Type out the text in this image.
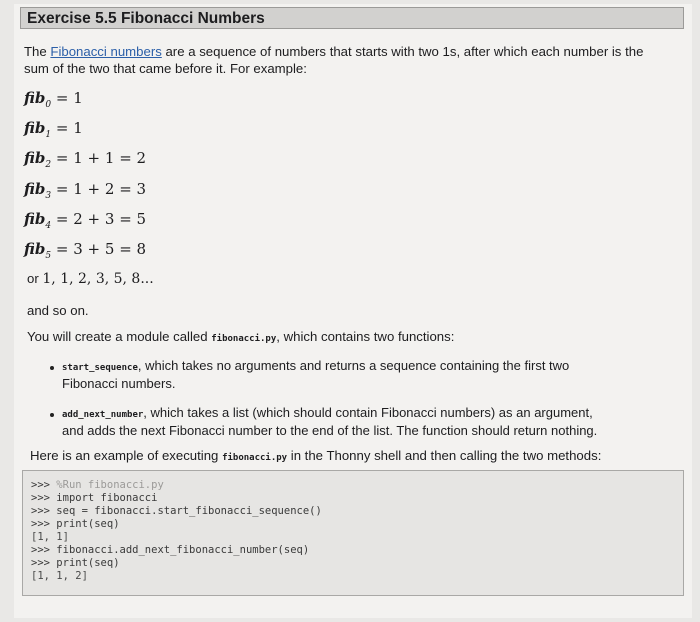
Exercise 5.5 Fibonacci Numbers
The Fibonacci numbers are a sequence of numbers that starts with two 1s, after which each number is the sum of the two that came before it. For example:
fib$_0$ = 1
fib$_1$ = 1
fib$_2$ = 1 + 1 = 2
fib$_3$ = 1 + 2 = 3
fib$_4$ = 2 + 3 = 5
fib$_5$ = 3 + 5 = 8
or 1, 1, 2, 3, 5, 8...
and so on.
You will create a module called fibonacci.py, which contains two functions:
start_sequence, which takes no arguments and returns a sequence containing the first two
Fibonacci numbers.
add_next_number, which takes a list (which should contain Fibonacci numbers) as an argument,
and adds the next Fibonacci number to the end of the list. The function should return nothing.
Here is an example of executing fibonacci.py in the Thonny shell and then calling the two methods:
>>> %Run fibonacci.py
>>> import fibonacci
>>> seq = fibonacci.start_fibonacci_sequence()
>>> print(seq)
[1, 1]
>>> fibonacci.add_next_fibonacci_number(seq)
>>> print(seq)
[1, 1, 2]
